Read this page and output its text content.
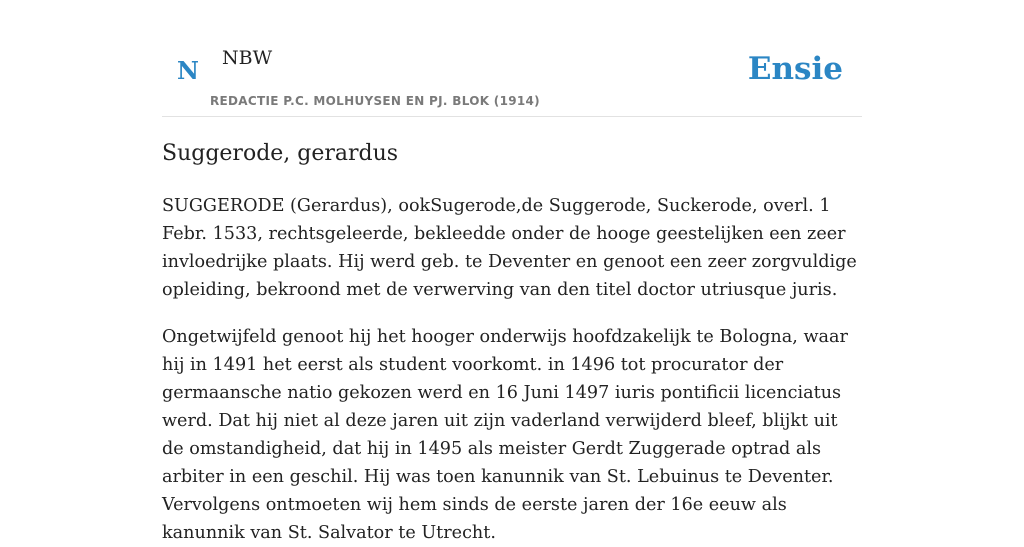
N NBW
REDACTIE P.C. MOLHUYSEN EN PJ. BLOK (1914)
Ensie
Suggerode, gerardus

SUGGERODE (Gerardus), ookSugerode,de Suggerode, Suckerode, overl. 1 Febr. 1533, rechtsgeleerde, bekleedde onder de hooge geestelijken een zeer invloedrijke plaats. Hij werd geb. te Deventer en genoot een zeer zorgvuldige opleiding, bekroond met de verwerving van den titel doctor utriusque juris.

Ongetwijfeld genoot hij het hooger onderwijs hoofdzakelijk te Bologna, waar hij in 1491 het eerst als student voorkomt. in 1496 tot procurator der germaansche natio gekozen werd en 16 Juni 1497 iuris pontificii licenciatus werd. Dat hij niet al deze jaren uit zijn vaderland verwijderd bleef, blijkt uit de omstandigheid, dat hij in 1495 als meister Gerdt Zuggerade optrad als arbiter in een geschil. Hij was toen kanunnik van St. Lebuinus te Deventer. Vervolgens ontmoeten wij hem sinds de eerste jaren der 16e eeuw als kanunnik van St. Salvator te Utrecht.
